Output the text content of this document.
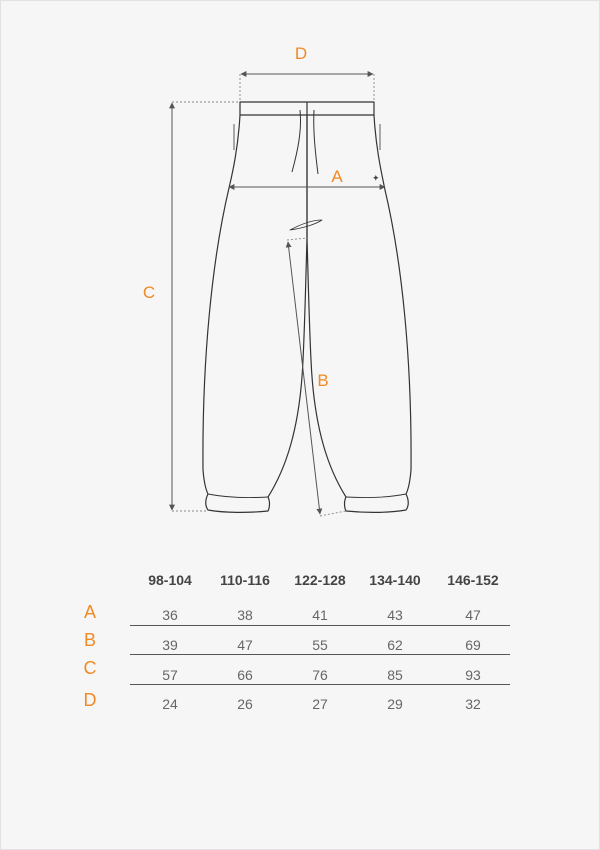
✦
D
A
C
B
98-104	110-116	122-128	134-140	146-152
A	36	38	41	43	47
B	39	47	55	62	69
C	57	66	76	85	93
D	24	26	27	29	32
